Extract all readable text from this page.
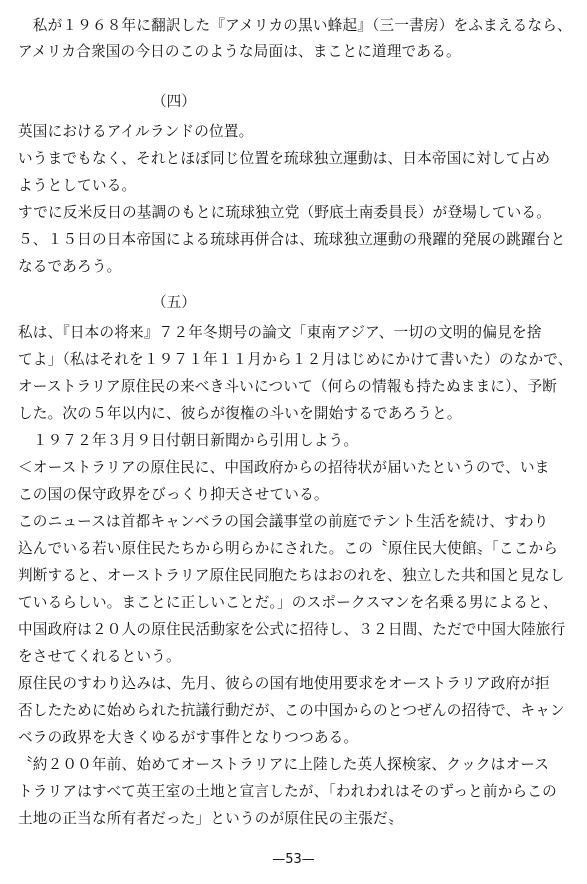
　私が１９６８年に翻訳した『アメリカの黒い蜂起』（三一書房）をふまえるなら、
アメリカ合衆国の今日のこのような局面は、まことに道理である。
（四）
英国におけるアイルランドの位置。
いうまでもなく、それとほぼ同じ位置を琉球独立運動は、日本帝国に対して占め
ようとしている。
すでに反米反日の基調のもとに琉球独立党（野底土南委員長）が登場している。
５、１５日の日本帝国による琉球再併合は、琉球独立運動の飛躍的発展の跳躍台と
なるであろう。
（五）
私は、『日本の将来』７２年冬期号の論文「東南アジア、一切の文明的偏見を捨
てよ」（私はそれを１９７１年１１月から１２月はじめにかけて書いた）のなかで、
オーストラリア原住民の来べき斗いについて（何らの情報も持たぬままに）、予断
した。次の５年以内に、彼らが復権の斗いを開始するであろうと。
　１９７２年３月９日付朝日新聞から引用しよう。
＜オーストラリアの原住民に、中国政府からの招待状が届いたというので、いま
この国の保守政界をびっくり抑天させている。
このニュースは首都キャンベラの国会議事堂の前庭でテント生活を続け、すわり
込んでいる若い原住民たちから明らかにされた。この〝原住民大使館〟「ここから
判断すると、オーストラリア原住民同胞たちはおのれを、独立した共和国と見なし
ているらしい。まことに正しいことだ。」のスポークスマンを名乗る男によると、
中国政府は２０人の原住民活動家を公式に招待し、３２日間、ただで中国大陸旅行
をさせてくれるという。
原住民のすわり込みは、先月、彼らの国有地使用要求をオーストラリア政府が拒
否したために始められた抗議行動だが、この中国からのとつぜんの招待で、キャン
ベラの政界を大きくゆるがす事件となりつつある。
〝約２００年前、始めてオーストラリアに上陸した英人探検家、クックはオース
トラリアはすべて英王室の土地と宣言したが、「われわれはそのずっと前からこの
土地の正当な所有者だった」というのが原住民の主張だ〟
—53—
